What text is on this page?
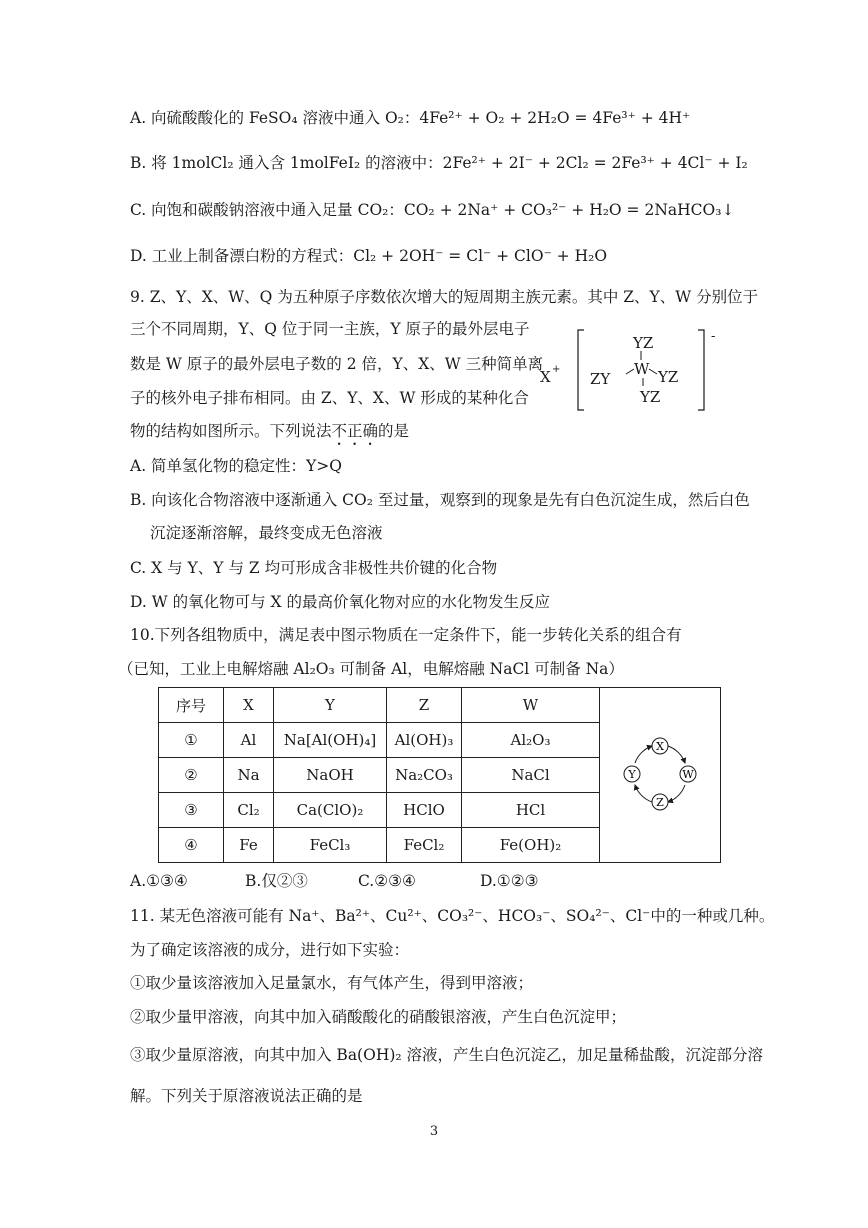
A. 向硫酸酸化的 FeSO₄ 溶液中通入 O₂：4Fe²⁺ + O₂ + 2H₂O = 4Fe³⁺ + 4H⁺
B. 将 1molCl₂ 通入含 1molFeI₂ 的溶液中：2Fe²⁺ + 2I⁻ + 2Cl₂ = 2Fe³⁺ + 4Cl⁻ + I₂
C. 向饱和碳酸钠溶液中通入足量 CO₂：CO₂ + 2Na⁺ + CO₃²⁻ + H₂O = 2NaHCO₃↓
D. 工业上制备漂白粉的方程式：Cl₂ + 2OH⁻ = Cl⁻ + ClO⁻ + H₂O
9. Z、Y、X、W、Q 为五种原子序数依次增大的短周期主族元素。其中 Z、Y、W 分别位于
三个不同周期，Y、Q 位于同一主族，Y 原子的最外层电子
数是 W 原子的最外层电子数的 2 倍，Y、X、W 三种简单离
子的核外电子排布相同。由 Z、Y、X、W 形成的某种化合
物的结构如图所示。下列说法不正确的是
X +
-
YZ
W
ZY	YZ
YZ
A. 简单氢化物的稳定性：Y>Q
B. 向该化合物溶液中逐渐通入 CO₂ 至过量，观察到的现象是先有白色沉淀生成，然后白色
沉淀逐渐溶解，最终变成无色溶液
C. X 与 Y、Y 与 Z 均可形成含非极性共价键的化合物
D. W 的氧化物可与 X 的最高价氧化物对应的水化物发生反应
10.下列各组物质中，满足表中图示物质在一定条件下，能一步转化关系的组合有
（已知，工业上电解熔融 Al₂O₃ 可制备 Al，电解熔融 NaCl 可制备 Na）
序号	X	Y	Z	W	X
Y W
Z

①	Al	Na[Al(OH)₄]	Al(OH)₃	Al₂O₃	
②	Na	NaOH	Na₂CO₃	NaCl	
③	Cl₂	Ca(ClO)₂	HClO	HCl	
④	Fe	FeCl₃	FeCl₂	Fe(OH)₂	
A.①③④	B.仅②③	C.②③④	D.①②③
11. 某无色溶液可能有 Na⁺、Ba²⁺、Cu²⁺、CO₃²⁻、HCO₃⁻、SO₄²⁻、Cl⁻中的一种或几种。
为了确定该溶液的成分，进行如下实验：
①取少量该溶液加入足量氯水，有气体产生，得到甲溶液；
②取少量甲溶液，向其中加入硝酸酸化的硝酸银溶液，产生白色沉淀甲；
③取少量原溶液，向其中加入 Ba(OH)₂ 溶液，产生白色沉淀乙，加足量稀盐酸，沉淀部分溶
解。下列关于原溶液说法正确的是
3
